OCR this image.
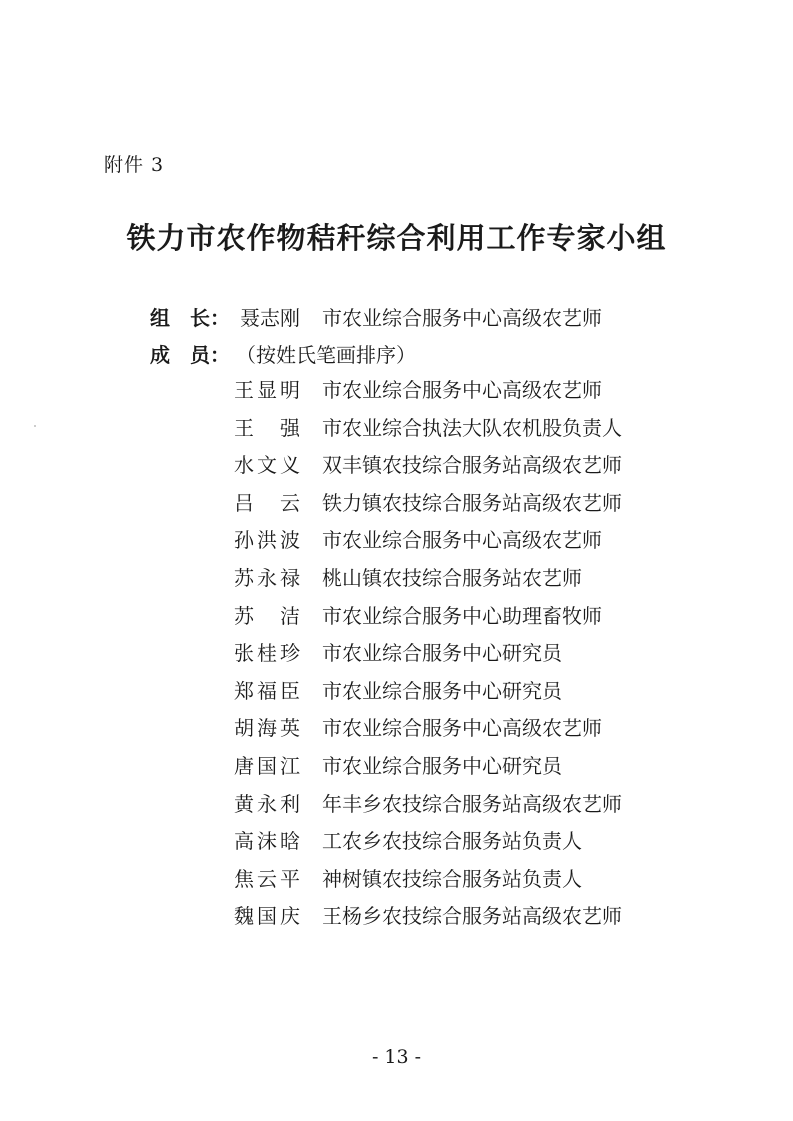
附件 3
铁力市农作物秸秆综合利用工作专家小组
组　长： 聂志刚 市农业综合服务中心高级农艺师
成　员： （按姓氏笔画排序）
王显明 市农业综合服务中心高级农艺师
王 强 市农业综合执法大队农机股负责人
水文义 双丰镇农技综合服务站高级农艺师
吕 云 铁力镇农技综合服务站高级农艺师
孙洪波 市农业综合服务中心高级农艺师
苏永禄 桃山镇农技综合服务站农艺师
苏 洁 市农业综合服务中心助理畜牧师
张桂珍 市农业综合服务中心研究员
郑福臣 市农业综合服务中心研究员
胡海英 市农业综合服务中心高级农艺师
唐国江 市农业综合服务中心研究员
黄永利 年丰乡农技综合服务站高级农艺师
高沫晗 工农乡农技综合服务站负责人
焦云平 神树镇农技综合服务站负责人
魏国庆 王杨乡农技综合服务站高级农艺师
- 13 -
